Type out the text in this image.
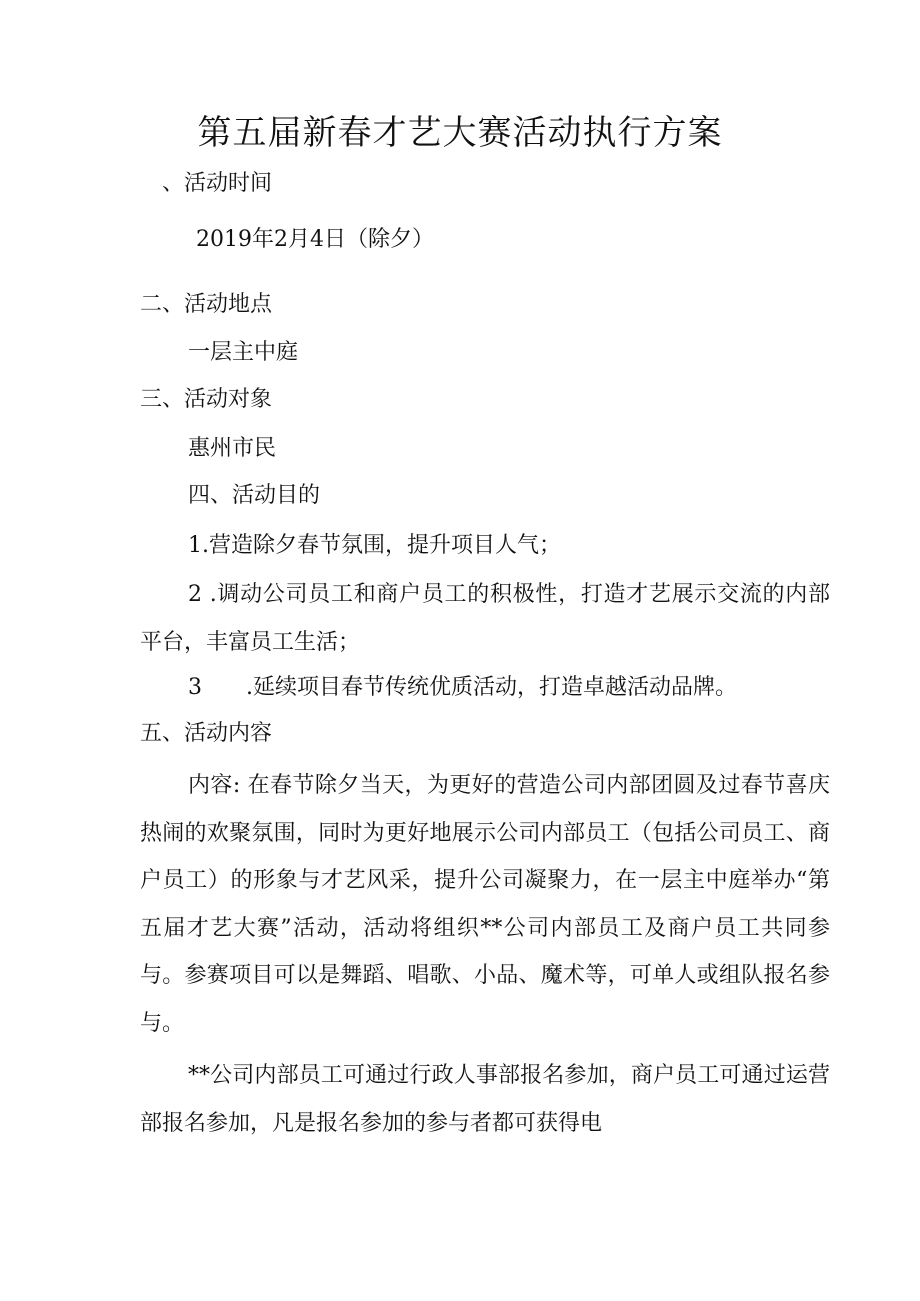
第五届新春才艺大赛活动执行方案

、活动时间

2019年2月4日（除夕）

二、活动地点

一层主中庭

三、活动对象

惠州市民

四、活动目的

1.营造除夕春节氛围，提升项目人气；

2 .调动公司员工和商户员工的积极性，打造才艺展示交流的内部平台，丰富员工生活；

3　　.延续项目春节传统优质活动，打造卓越活动品牌。

五、活动内容

内容: 在春节除夕当天，为更好的营造公司内部团圆及过春节喜庆热闹的欢聚氛围，同时为更好地展示公司内部员工（包括公司员工、商户员工）的形象与才艺风采，提升公司凝聚力，在一层主中庭举办“第五届才艺大赛”活动，活动将组织**公司内部员工及商户员工共同参与。参赛项目可以是舞蹈、唱歌、小品、魔术等，可单人或组队报名参与。

**公司内部员工可通过行政人事部报名参加，商户员工可通过运营部报名参加，凡是报名参加的参与者都可获得电
